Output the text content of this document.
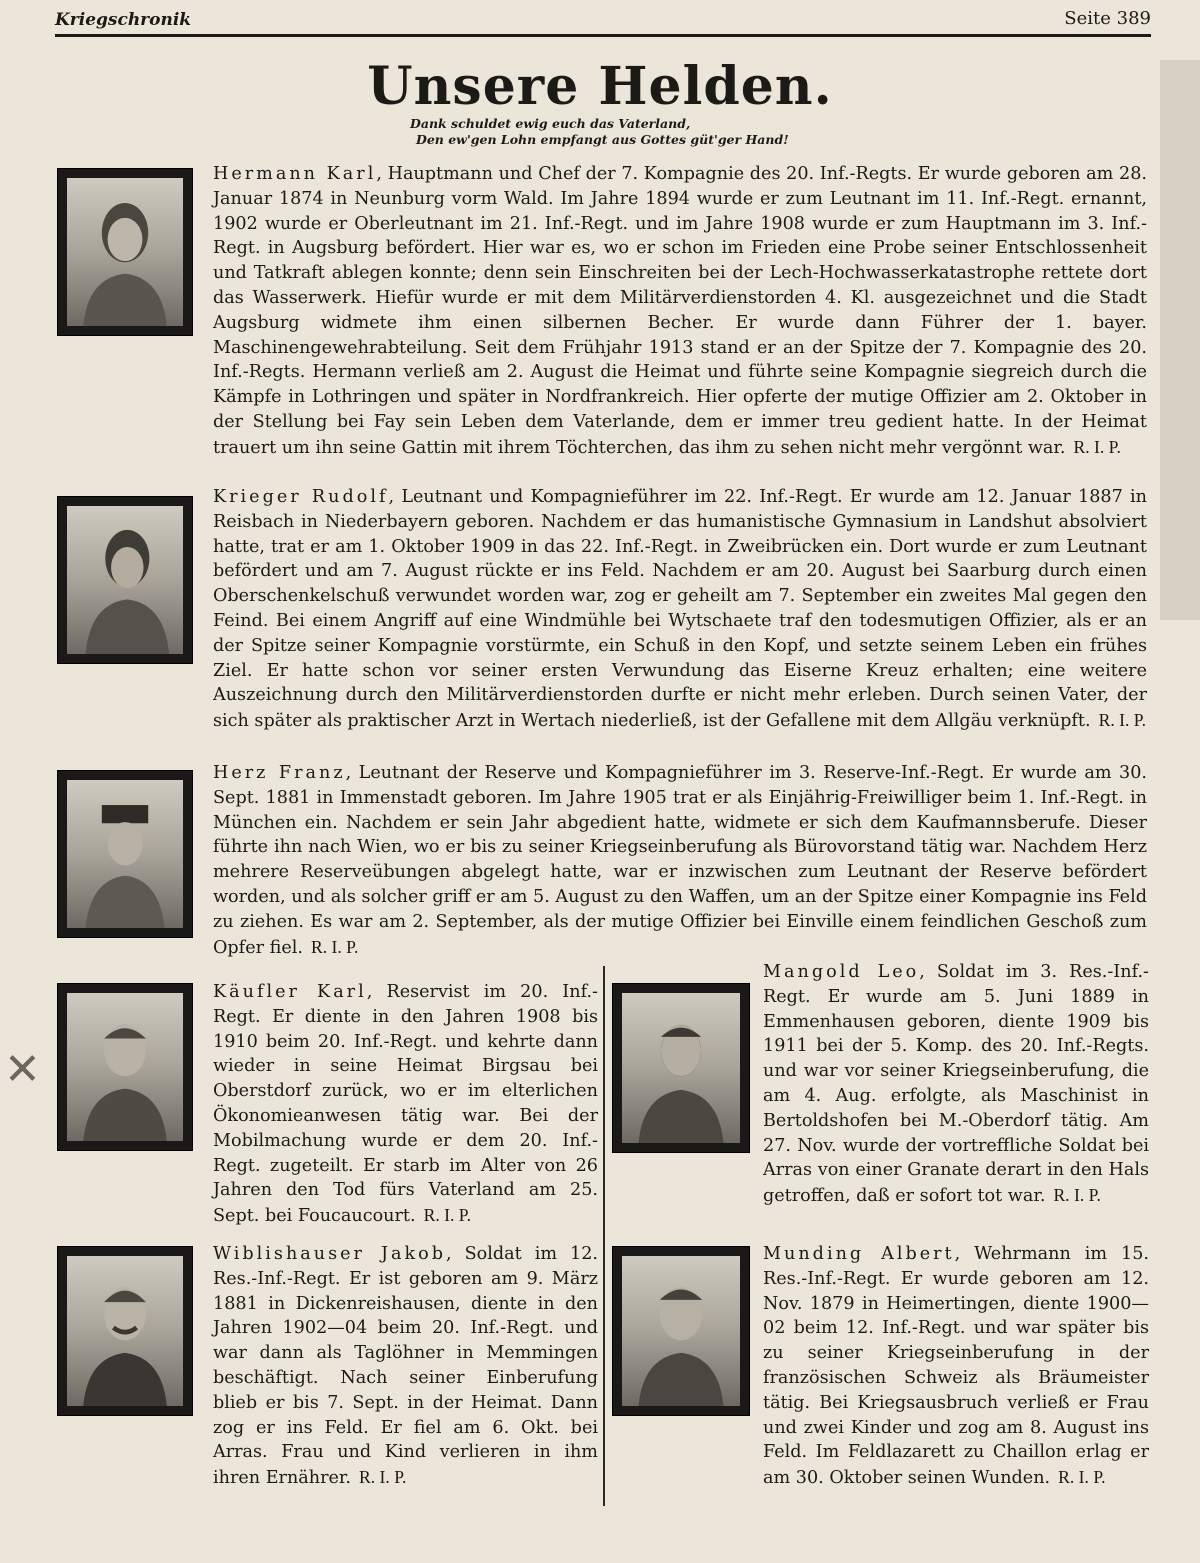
Kriegschronik	Seite 389
Unsere Helden.
Dank schuldet ewig euch das Vaterland,
Den ew'gen Lohn empfangt aus Gottes güt'ger Hand!
Hermann Karl, Hauptmann und Chef der 7. Kompagnie des 20. Inf.-Regts. Er wurde geboren am 28. Januar 1874 in Neunburg vorm Wald. Im Jahre 1894 wurde er zum Leutnant im 11. Inf.-Regt. ernannt, 1902 wurde er Oberleutnant im 21. Inf.-Regt. und im Jahre 1908 wurde er zum Hauptmann im 3. Inf.-Regt. in Augsburg befördert. Hier war es, wo er schon im Frieden eine Probe seiner Entschlossenheit und Tatkraft ablegen konnte; denn sein Einschreiten bei der Lech-Hochwasserkatastrophe rettete dort das Wasserwerk. Hiefür wurde er mit dem Militärverdienstorden 4. Kl. ausgezeichnet und die Stadt Augsburg widmete ihm einen silbernen Becher. Er wurde dann Führer der 1. bayer. Maschinengewehrabteilung. Seit dem Frühjahr 1913 stand er an der Spitze der 7. Kompagnie des 20. Inf.-Regts. Hermann verließ am 2. August die Heimat und führte seine Kompagnie siegreich durch die Kämpfe in Lothringen und später in Nordfrankreich. Hier opferte der mutige Offizier am 2. Oktober in der Stellung bei Fay sein Leben dem Vaterlande, dem er immer treu gedient hatte. In der Heimat trauert um ihn seine Gattin mit ihrem Töchterchen, das ihm zu sehen nicht mehr vergönnt war. R. I. P.
Krieger Rudolf, Leutnant und Kompagnieführer im 22. Inf.-Regt. Er wurde am 12. Januar 1887 in Reisbach in Niederbayern geboren. Nachdem er das humanistische Gymnasium in Landshut absolviert hatte, trat er am 1. Oktober 1909 in das 22. Inf.-Regt. in Zweibrücken ein. Dort wurde er zum Leutnant befördert und am 7. August rückte er ins Feld. Nachdem er am 20. August bei Saarburg durch einen Oberschenkelschuß verwundet worden war, zog er geheilt am 7. September ein zweites Mal gegen den Feind. Bei einem Angriff auf eine Windmühle bei Wytschaete traf den todesmutigen Offizier, als er an der Spitze seiner Kompagnie vorstürmte, ein Schuß in den Kopf, und setzte seinem Leben ein frühes Ziel. Er hatte schon vor seiner ersten Verwundung das Eiserne Kreuz erhalten; eine weitere Auszeichnung durch den Militärverdienstorden durfte er nicht mehr erleben. Durch seinen Vater, der sich später als praktischer Arzt in Wertach niederließ, ist der Gefallene mit dem Allgäu verknüpft. R. I. P.
Herz Franz, Leutnant der Reserve und Kompagnieführer im 3. Reserve-Inf.-Regt. Er wurde am 30. Sept. 1881 in Immenstadt geboren. Im Jahre 1905 trat er als Einjährig-Freiwilliger beim 1. Inf.-Regt. in München ein. Nachdem er sein Jahr abgedient hatte, widmete er sich dem Kaufmannsberufe. Dieser führte ihn nach Wien, wo er bis zu seiner Kriegseinberufung als Bürovorstand tätig war. Nachdem Herz mehrere Reserveübungen abgelegt hatte, war er inzwischen zum Leutnant der Reserve befördert worden, und als solcher griff er am 5. August zu den Waffen, um an der Spitze einer Kompagnie ins Feld zu ziehen. Es war am 2. September, als der mutige Offizier bei Einville einem feindlichen Geschoß zum Opfer fiel. R. I. P.
✕
Käufler Karl, Reservist im 20. Inf.-Regt. Er diente in den Jahren 1908 bis 1910 beim 20. Inf.-Regt. und kehrte dann wieder in seine Heimat Birgsau bei Oberstdorf zurück, wo er im elterlichen Ökonomieanwesen tätig war. Bei der Mobilmachung wurde er dem 20. Inf.-Regt. zugeteilt. Er starb im Alter von 26 Jahren den Tod fürs Vaterland am 25. Sept. bei Foucaucourt. R. I. P.
Mangold Leo, Soldat im 3. Res.-Inf.-Regt. Er wurde am 5. Juni 1889 in Emmenhausen geboren, diente 1909 bis 1911 bei der 5. Komp. des 20. Inf.-Regts. und war vor seiner Kriegseinberufung, die am 4. Aug. erfolgte, als Maschinist in Bertoldshofen bei M.-Oberdorf tätig. Am 27. Nov. wurde der vortreffliche Soldat bei Arras von einer Granate derart in den Hals getroffen, daß er sofort tot war. R. I. P.
Wiblishauser Jakob, Soldat im 12. Res.-Inf.-Regt. Er ist geboren am 9. März 1881 in Dickenreishausen, diente in den Jahren 1902—04 beim 20. Inf.-Regt. und war dann als Taglöhner in Memmingen beschäftigt. Nach seiner Einberufung blieb er bis 7. Sept. in der Heimat. Dann zog er ins Feld. Er fiel am 6. Okt. bei Arras. Frau und Kind verlieren in ihm ihren Ernährer. R. I. P.
Munding Albert, Wehrmann im 15. Res.-Inf.-Regt. Er wurde geboren am 12. Nov. 1879 in Heimertingen, diente 1900—02 beim 12. Inf.-Regt. und war später bis zu seiner Kriegseinberufung in der französischen Schweiz als Bräumeister tätig. Bei Kriegsausbruch verließ er Frau und zwei Kinder und zog am 8. August ins Feld. Im Feldlazarett zu Chaillon erlag er am 30. Oktober seinen Wunden. R. I. P.
